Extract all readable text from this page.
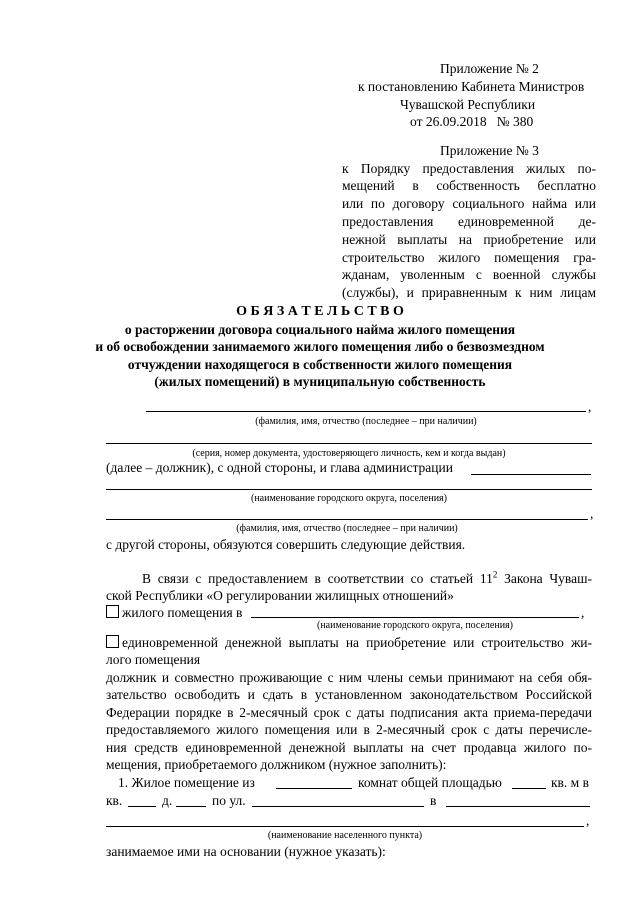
Приложение № 2
к постановлению Кабинета Министров
Чувашской Республики
от 26.09.2018   № 380
Приложение № 3
к Порядку предоставления жилых по-
мещений в собственность бесплатно
или по договору социального найма или
предоставления единовременной де-
нежной выплаты на приобретение или
строительство жилого помещения гра-
жданам, уволенным с военной службы
(службы), и приравненным к ним лицам
О Б Я З А Т Е Л Ь С Т В О
о расторжении договора социального найма жилого помещения
и об освобождении занимаемого жилого помещения либо о безвозмездном
отчуждении находящегося в собственности жилого помещения
(жилых помещений) в муниципальную собственность
,
(фамилия, имя, отчество (последнее – при наличии)
(серия, номер документа, удостоверяющего личность, кем и когда выдан)
(далее – должник), с одной стороны, и глава администрации
(наименование городского округа, поселения)
,
(фамилия, имя, отчество (последнее – при наличии)
с другой стороны, обязуются совершить следующие действия.
В связи с предоставлением в соответствии со статьей $11^2$ Закона Чуваш-
ской Республики «О регулировании жилищных отношений»
жилого помещения в	,
(наименование городского округа, поселения)
единовременной денежной выплаты на приобретение или строительство жи-
лого помещения
должник и совместно проживающие с ним члены семьи принимают на себя обя-
зательство освободить и сдать в установленном законодательством Российской
Федерации порядке в 2-месячный срок с даты подписания акта приема-передачи
предоставляемого жилого помещения или в 2-месячный срок с даты перечисле-
ния средств единовременной денежной выплаты на счет продавца жилого по-
мещения, приобретаемого должником (нужное заполнить):
1. Жилое помещение из	комнат общей площадью	кв. м в
кв.	д.	по ул.	в
,
(наименование населенного пункта)
занимаемое ими на основании (нужное указать):
